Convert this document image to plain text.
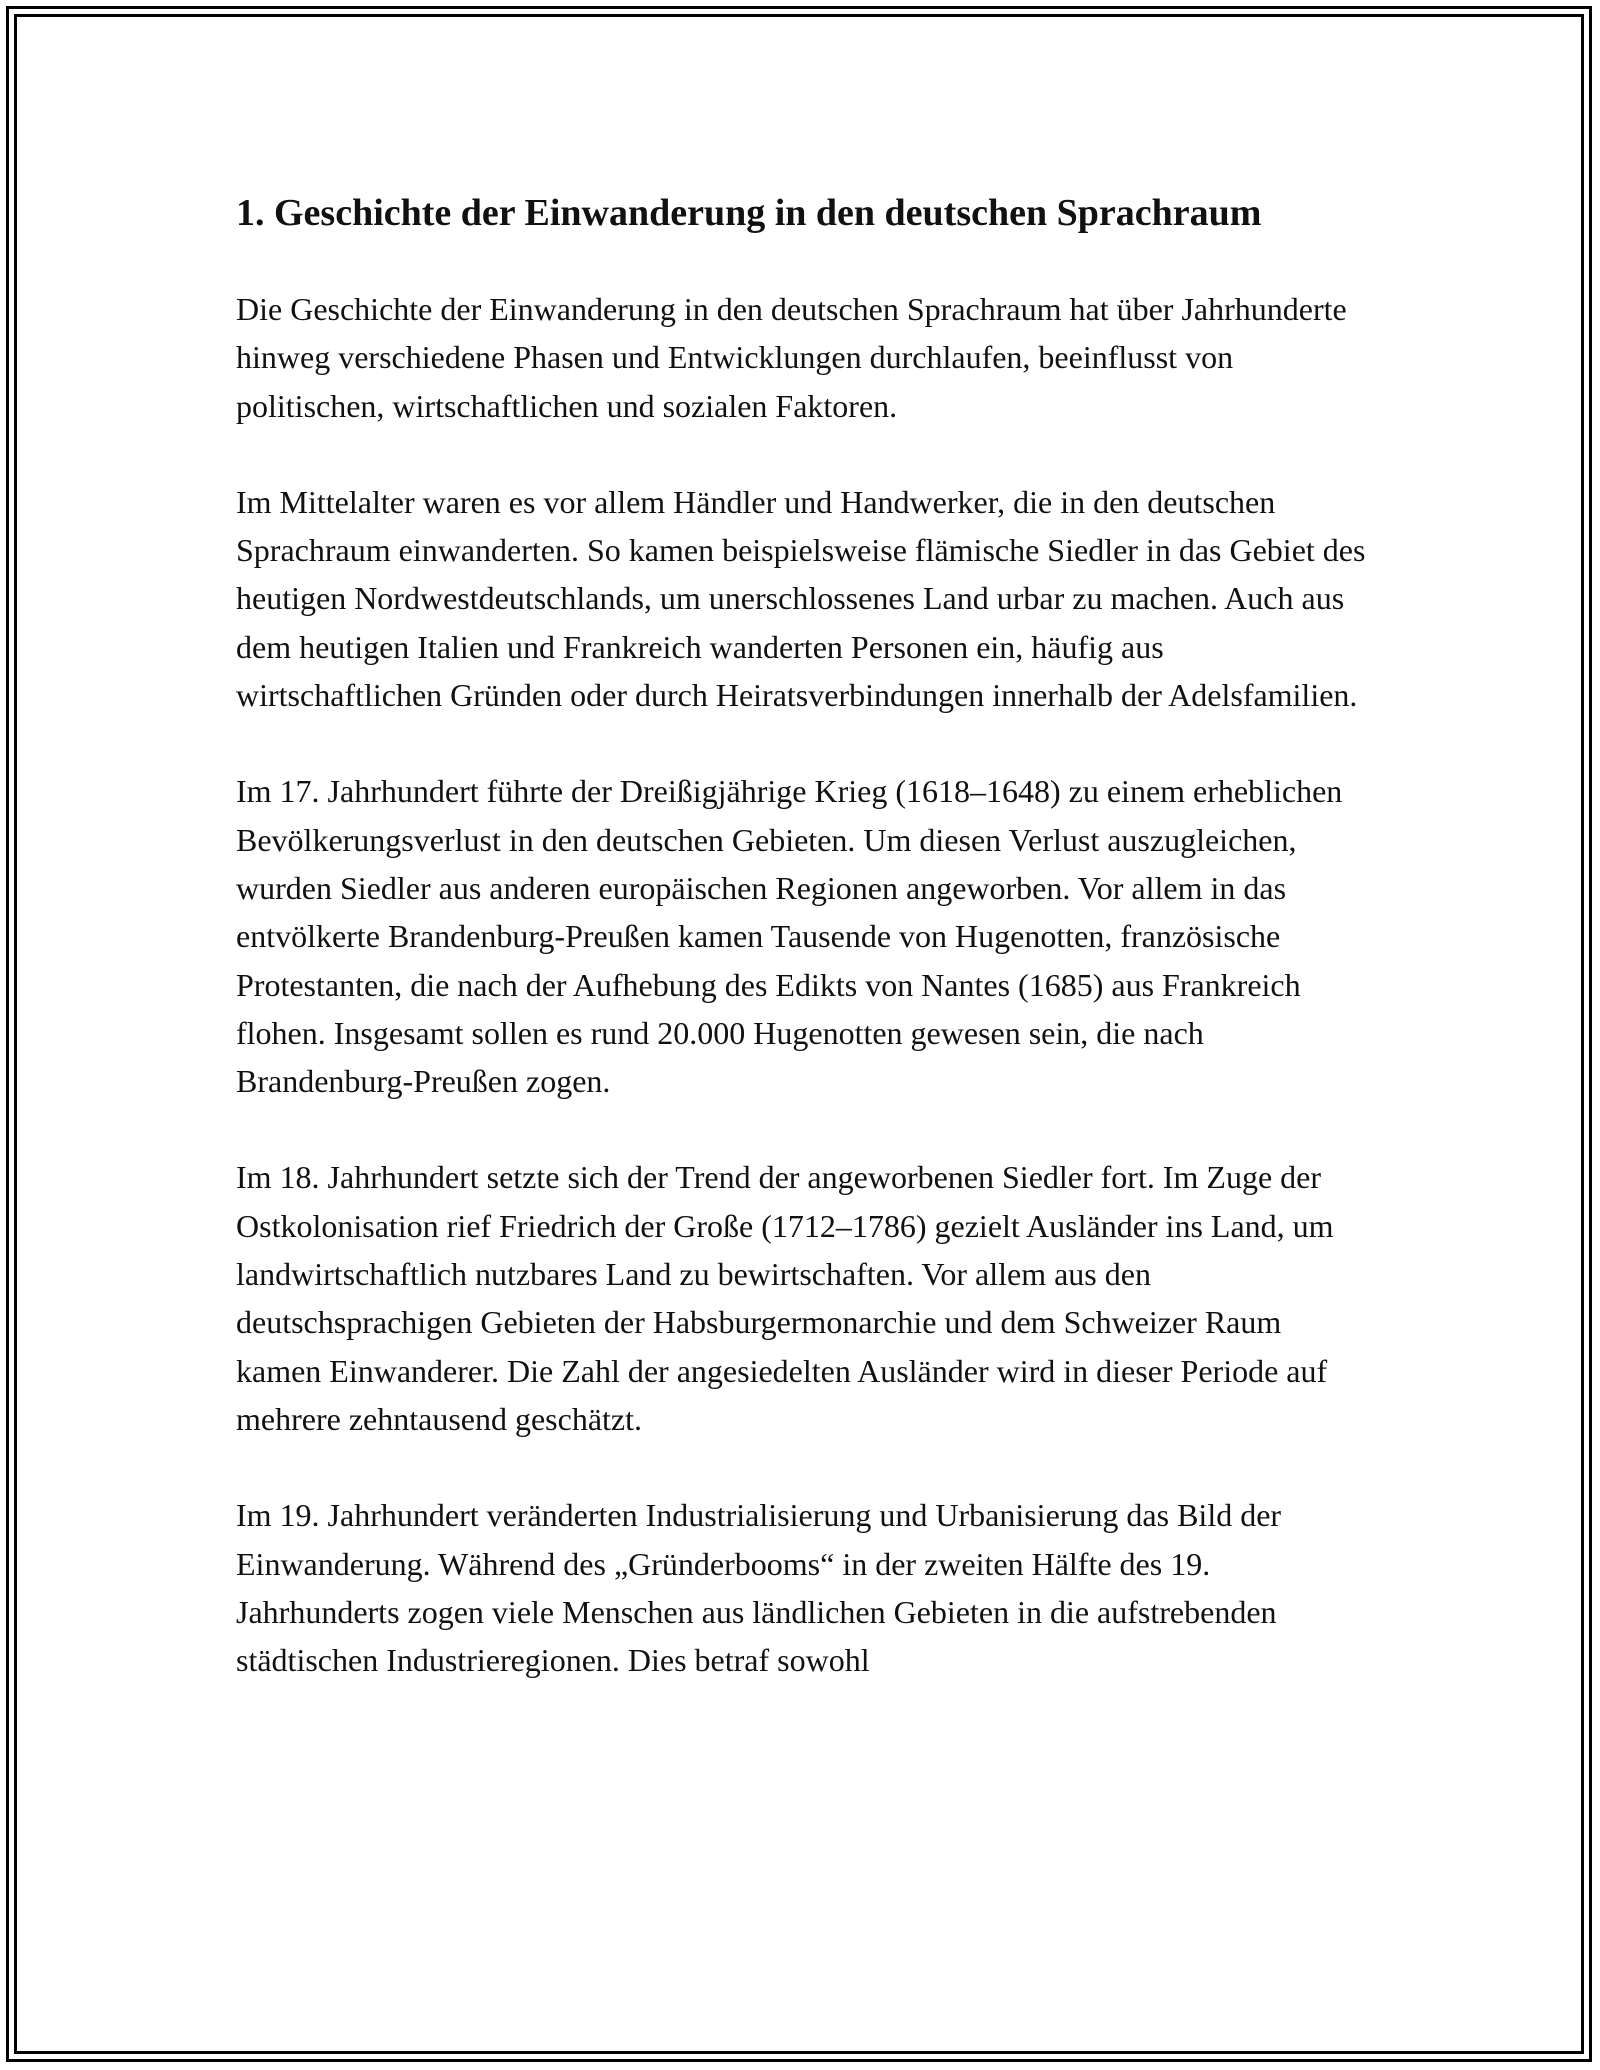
1. Geschichte der Einwanderung in den deutschen Sprachraum

Die Geschichte der Einwanderung in den deutschen Sprachraum hat über Jahrhunderte hinweg verschiedene Phasen und Entwicklungen durchlaufen, beeinflusst von politischen, wirtschaftlichen und sozialen Faktoren.

Im Mittelalter waren es vor allem Händler und Handwerker, die in den deutschen Sprachraum einwanderten. So kamen beispielsweise flämische Siedler in das Gebiet des heutigen Nordwestdeutschlands, um unerschlossenes Land urbar zu machen. Auch aus dem heutigen Italien und Frankreich wanderten Personen ein, häufig aus wirtschaftlichen Gründen oder durch Heiratsverbindungen innerhalb der Adelsfamilien.

Im 17. Jahrhundert führte der Dreißigjährige Krieg (1618–1648) zu einem erheblichen Bevölkerungsverlust in den deutschen Gebieten. Um diesen Verlust auszugleichen, wurden Siedler aus anderen europäischen Regionen angeworben. Vor allem in das entvölkerte Brandenburg-Preußen kamen Tausende von Hugenotten, französische Protestanten, die nach der Aufhebung des Edikts von Nantes (1685) aus Frankreich flohen. Insgesamt sollen es rund 20.000 Hugenotten gewesen sein, die nach Brandenburg-Preußen zogen.

Im 18. Jahrhundert setzte sich der Trend der angeworbenen Siedler fort. Im Zuge der Ostkolonisation rief Friedrich der Große (1712–1786) gezielt Ausländer ins Land, um landwirtschaftlich nutzbares Land zu bewirtschaften. Vor allem aus den deutschsprachigen Gebieten der Habsburgermonarchie und dem Schweizer Raum kamen Einwanderer. Die Zahl der angesiedelten Ausländer wird in dieser Periode auf mehrere zehntausend geschätzt.

Im 19. Jahrhundert veränderten Industrialisierung und Urbanisierung das Bild der Einwanderung. Während des „Gründerbooms“ in der zweiten Hälfte des 19. Jahrhunderts zogen viele Menschen aus ländlichen Gebieten in die aufstrebenden städtischen Industrieregionen. Dies betraf sowohl
